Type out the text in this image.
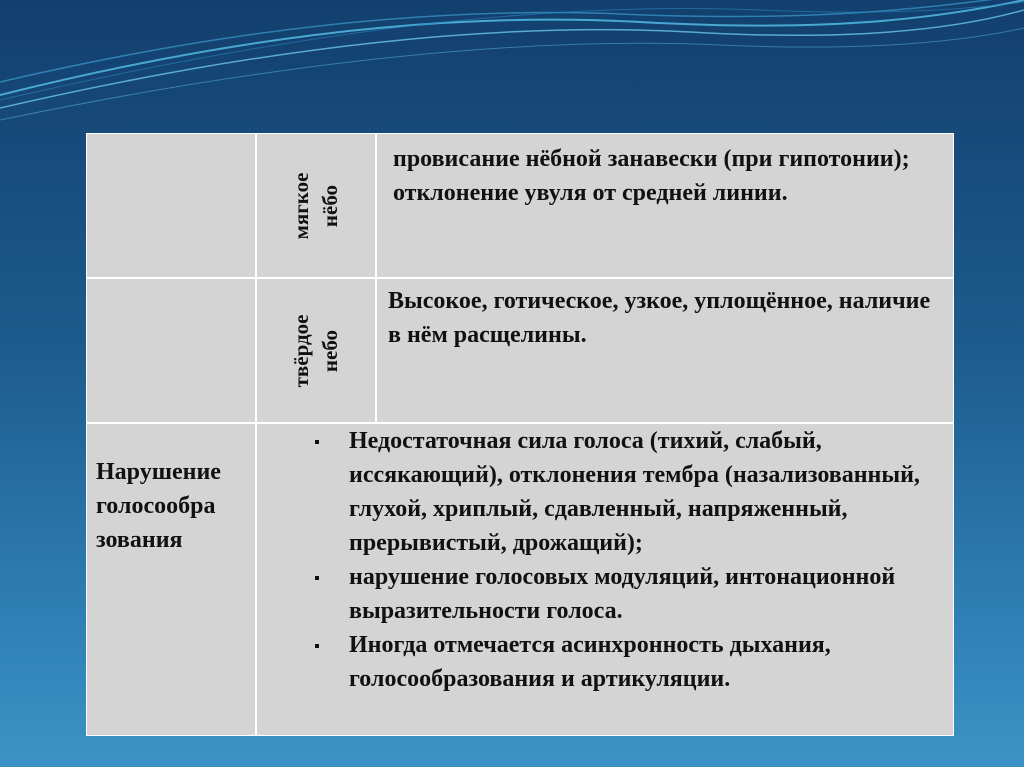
мягкое нёбо

провисание нёбной занавески (при гипотонии);

отклонение увуля от средней линии.

твёрдое небо
Высокое, готическое, узкое, уплощённое, наличие в нём расщелины.
Нарушение
голосообра
зования
Недостаточная сила голоса (тихий, слабый, иссякающий), отклонения тембра (назализованный, глухой, хриплый, сдавленный, напряженный, прерывистый, дрожащий);
нарушение голосовых модуляций, интонационной выразительности голоса.
Иногда отмечается асинхронность дыхания, голосообразования и артикуляции.
